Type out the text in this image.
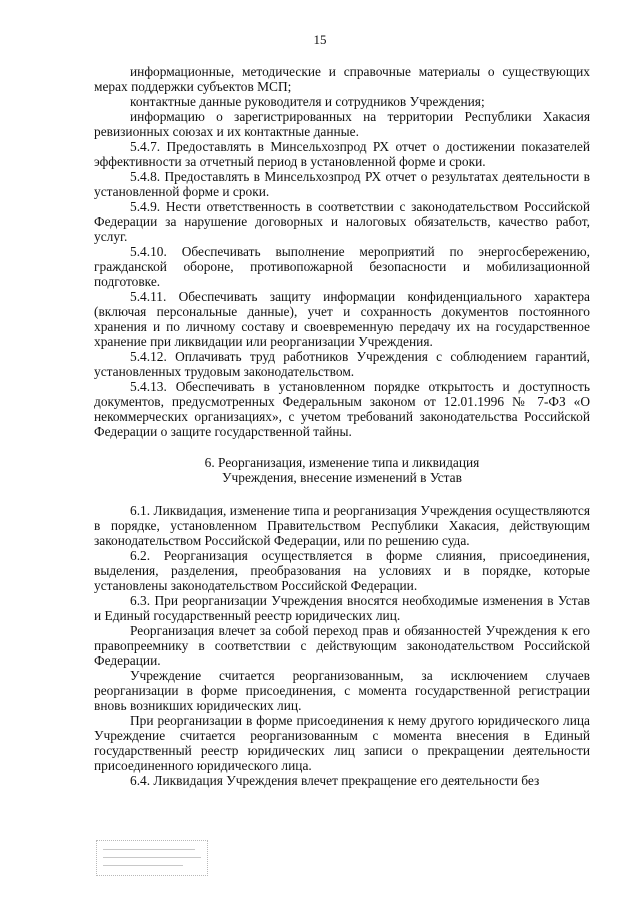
15

информационные, методические и справочные материалы о существующих мерах поддержки субъектов МСП;

контактные данные руководителя и сотрудников Учреждения;

информацию о зарегистрированных на территории Республики Хакасия ревизионных союзах и их контактные данные.

5.4.7. Предоставлять в Минсельхозпрод РХ отчет о достижении показателей эффективности за отчетный период в установленной форме и сроки.

5.4.8. Предоставлять в Минсельхозпрод РХ отчет о результатах деятельности в установленной форме и сроки.

5.4.9. Нести ответственность в соответствии с законодательством Российской Федерации за нарушение договорных и налоговых обязательств, качество работ, услуг.

5.4.10. Обеспечивать выполнение мероприятий по энергосбережению, гражданской обороне, противопожарной безопасности и мобилизационной подготовке.

5.4.11. Обеспечивать защиту информации конфиденциального характера (включая персональные данные), учет и сохранность документов постоянного хранения и по личному составу и своевременную передачу их на государственное хранение при ликвидации или реорганизации Учреждения.

5.4.12. Оплачивать труд работников Учреждения с соблюдением гарантий, установленных трудовым законодательством.

5.4.13. Обеспечивать в установленном порядке открытость и доступность документов, предусмотренных Федеральным законом от 12.01.1996 № 7-ФЗ «О некоммерческих организациях», с учетом требований законодательства Российской Федерации о защите государственной тайны.

6. Реорганизация, изменение типа и ликвидация
Учреждения, внесение изменений в Устав

6.1. Ликвидация, изменение типа и реорганизация Учреждения осуществляются в порядке, установленном Правительством Республики Хакасия, действующим законодательством Российской Федерации, или по решению суда.

6.2. Реорганизация осуществляется в форме слияния, присоединения, выделения, разделения, преобразования на условиях и в порядке, которые установлены законодательством Российской Федерации.

6.3. При реорганизации Учреждения вносятся необходимые изменения в Устав и Единый государственный реестр юридических лиц.

Реорганизация влечет за собой переход прав и обязанностей Учреждения к его правопреемнику в соответствии с действующим законодательством Российской Федерации.

Учреждение считается реорганизованным, за исключением случаев реорганизации в форме присоединения, с момента государственной регистрации вновь возникших юридических лиц.

При реорганизации в форме присоединения к нему другого юридического лица Учреждение считается реорганизованным с момента внесения в Единый государственный реестр юридических лиц записи о прекращении деятельности присоединенного юридического лица.

6.4. Ликвидация Учреждения влечет прекращение его деятельности без
